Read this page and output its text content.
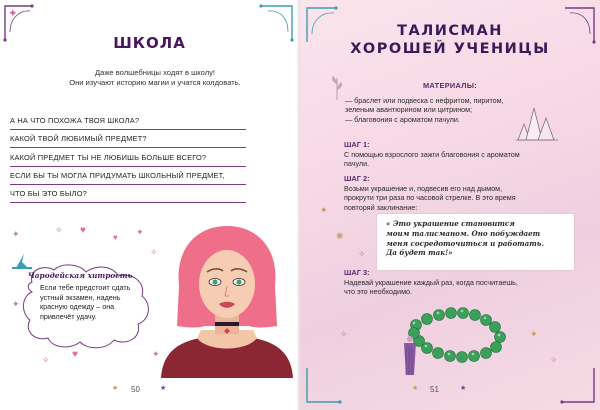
ШКОЛА
Даже волшебницы ходят в школу!
Они изучают историю магии и учатся колдовать.
А НА ЧТО ПОХОЖА ТВОЯ ШКОЛА?
КАКОЙ ТВОЙ ЛЮБИМЫЙ ПРЕДМЕТ?
КАКОЙ ПРЕДМЕТ ТЫ НЕ ЛЮБИШЬ БОЛЬШЕ ВСЕГО?
ЕСЛИ БЫ ТЫ МОГЛА ПРИДУМАТЬ ШКОЛЬНЫЙ ПРЕДМЕТ,
ЧТО БЫ ЭТО БЫЛО?
♥
♥
♥
✦	✧	✦
✧
✧
✦
✦
Чародейская хитрость
Если тебе предстоит сдать
устный экзамен, надень
красную одежду – она
привлечёт удачу.
★	★
50
ТАЛИСМАН
ХОРОШЕЙ УЧЕНИЦЫ
МАТЕРИАЛЫ:
— браслет или подвеска с нефритом, пиритом,
зеленым авантюрином или цитрином;
— благовония с ароматом пачули.
ШАГ 1:
С помощью взрослого зажги благовония с ароматом
пачули.
ШАГ 2:
Возьми украшение и, подвесив его над дымом,
прокрути три раза по часовой стрелке. В это время
повторяй заклинание:
✦
✺
✧
« Это украшение становится
моим талисманом. Оно побуждает
меня сосредоточиться и работать.
Да будет так!»
ШАГ 3:
Надевай украшение каждый раз, когда посчитаешь,
что это необходимо.
✧	✦
✧
★	★
51
